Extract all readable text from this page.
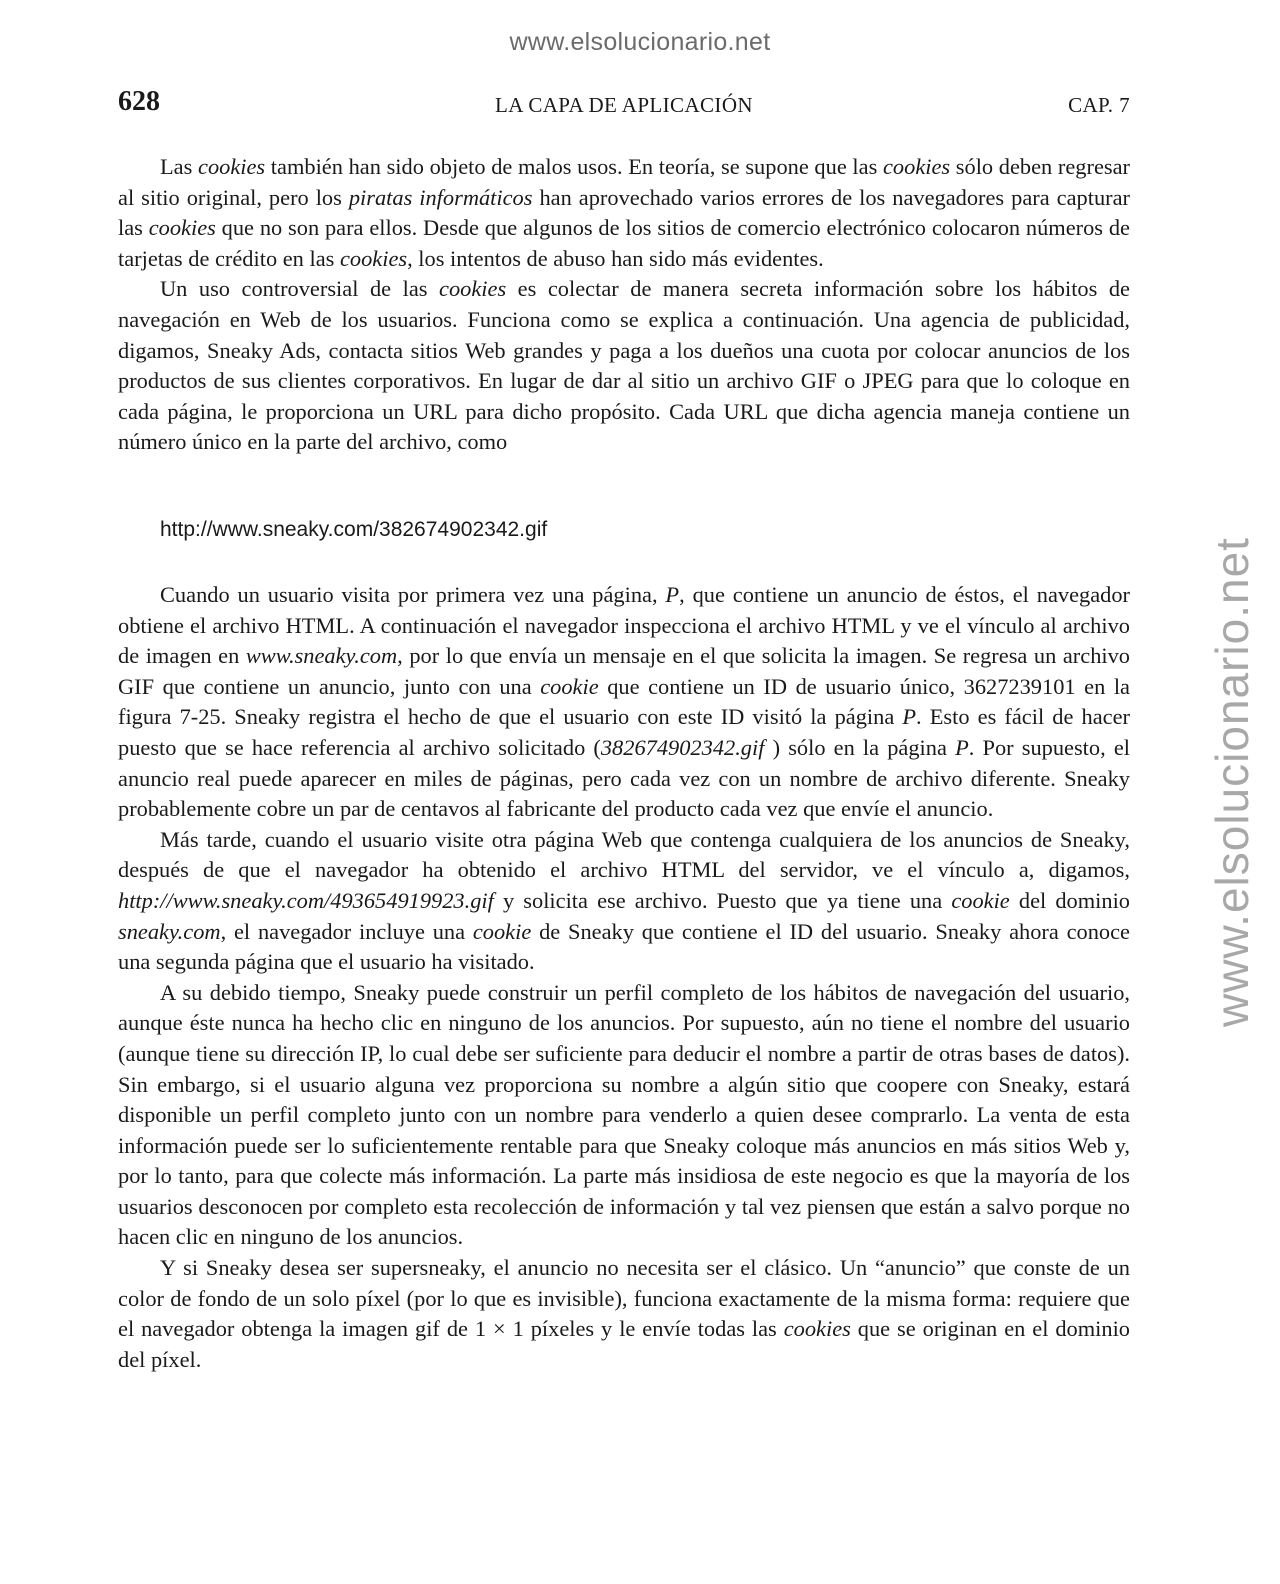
www.elsolucionario.net
www.elsolucionario.net
628	LA CAPA DE APLICACIÓN	CAP. 7

Las cookies también han sido objeto de malos usos. En teoría, se supone que las cookies sólo deben regresar al sitio original, pero los piratas informáticos han aprovechado varios errores de los navegadores para capturar las cookies que no son para ellos. Desde que algunos de los sitios de comercio electrónico colocaron números de tarjetas de crédito en las cookies, los intentos de abuso han sido más evidentes.

Un uso controversial de las cookies es colectar de manera secreta información sobre los hábitos de navegación en Web de los usuarios. Funciona como se explica a continuación. Una agencia de publicidad, digamos, Sneaky Ads, contacta sitios Web grandes y paga a los dueños una cuota por colocar anuncios de los productos de sus clientes corporativos. En lugar de dar al sitio un archivo GIF o JPEG para que lo coloque en cada página, le proporciona un URL para dicho propósito. Cada URL que dicha agencia maneja contiene un número único en la parte del archivo, como

http://www.sneaky.com/382674902342.gif

Cuando un usuario visita por primera vez una página, P, que contiene un anuncio de éstos, el navegador obtiene el archivo HTML. A continuación el navegador inspecciona el archivo HTML y ve el vínculo al archivo de imagen en www.sneaky.com, por lo que envía un mensaje en el que solicita la imagen. Se regresa un archivo GIF que contiene un anuncio, junto con una cookie que contiene un ID de usuario único, 3627239101 en la figura 7-25. Sneaky registra el hecho de que el usuario con este ID visitó la página P. Esto es fácil de hacer puesto que se hace referencia al archivo solicitado (382674902342.gif ) sólo en la página P. Por supuesto, el anuncio real puede aparecer en miles de páginas, pero cada vez con un nombre de archivo diferente. Sneaky probablemente cobre un par de centavos al fabricante del producto cada vez que envíe el anuncio.

Más tarde, cuando el usuario visite otra página Web que contenga cualquiera de los anuncios de Sneaky, después de que el navegador ha obtenido el archivo HTML del servidor, ve el vínculo a, digamos, http://www.sneaky.com/493654919923.gif y solicita ese archivo. Puesto que ya tiene una cookie del dominio sneaky.com, el navegador incluye una cookie de Sneaky que contiene el ID del usuario. Sneaky ahora conoce una segunda página que el usuario ha visitado.

A su debido tiempo, Sneaky puede construir un perfil completo de los hábitos de navegación del usuario, aunque éste nunca ha hecho clic en ninguno de los anuncios. Por supuesto, aún no tiene el nombre del usuario (aunque tiene su dirección IP, lo cual debe ser suficiente para deducir el nombre a partir de otras bases de datos). Sin embargo, si el usuario alguna vez proporciona su nombre a algún sitio que coopere con Sneaky, estará disponible un perfil completo junto con un nombre para venderlo a quien desee comprarlo. La venta de esta información puede ser lo suficientemente rentable para que Sneaky coloque más anuncios en más sitios Web y, por lo tanto, para que colecte más información. La parte más insidiosa de este negocio es que la mayoría de los usuarios desconocen por completo esta recolección de información y tal vez piensen que están a salvo porque no hacen clic en ninguno de los anuncios.

Y si Sneaky desea ser supersneaky, el anuncio no necesita ser el clásico. Un “anuncio” que conste de un color de fondo de un solo píxel (por lo que es invisible), funciona exactamente de la misma forma: requiere que el navegador obtenga la imagen gif de 1 × 1 píxeles y le envíe todas las cookies que se originan en el dominio del píxel.
